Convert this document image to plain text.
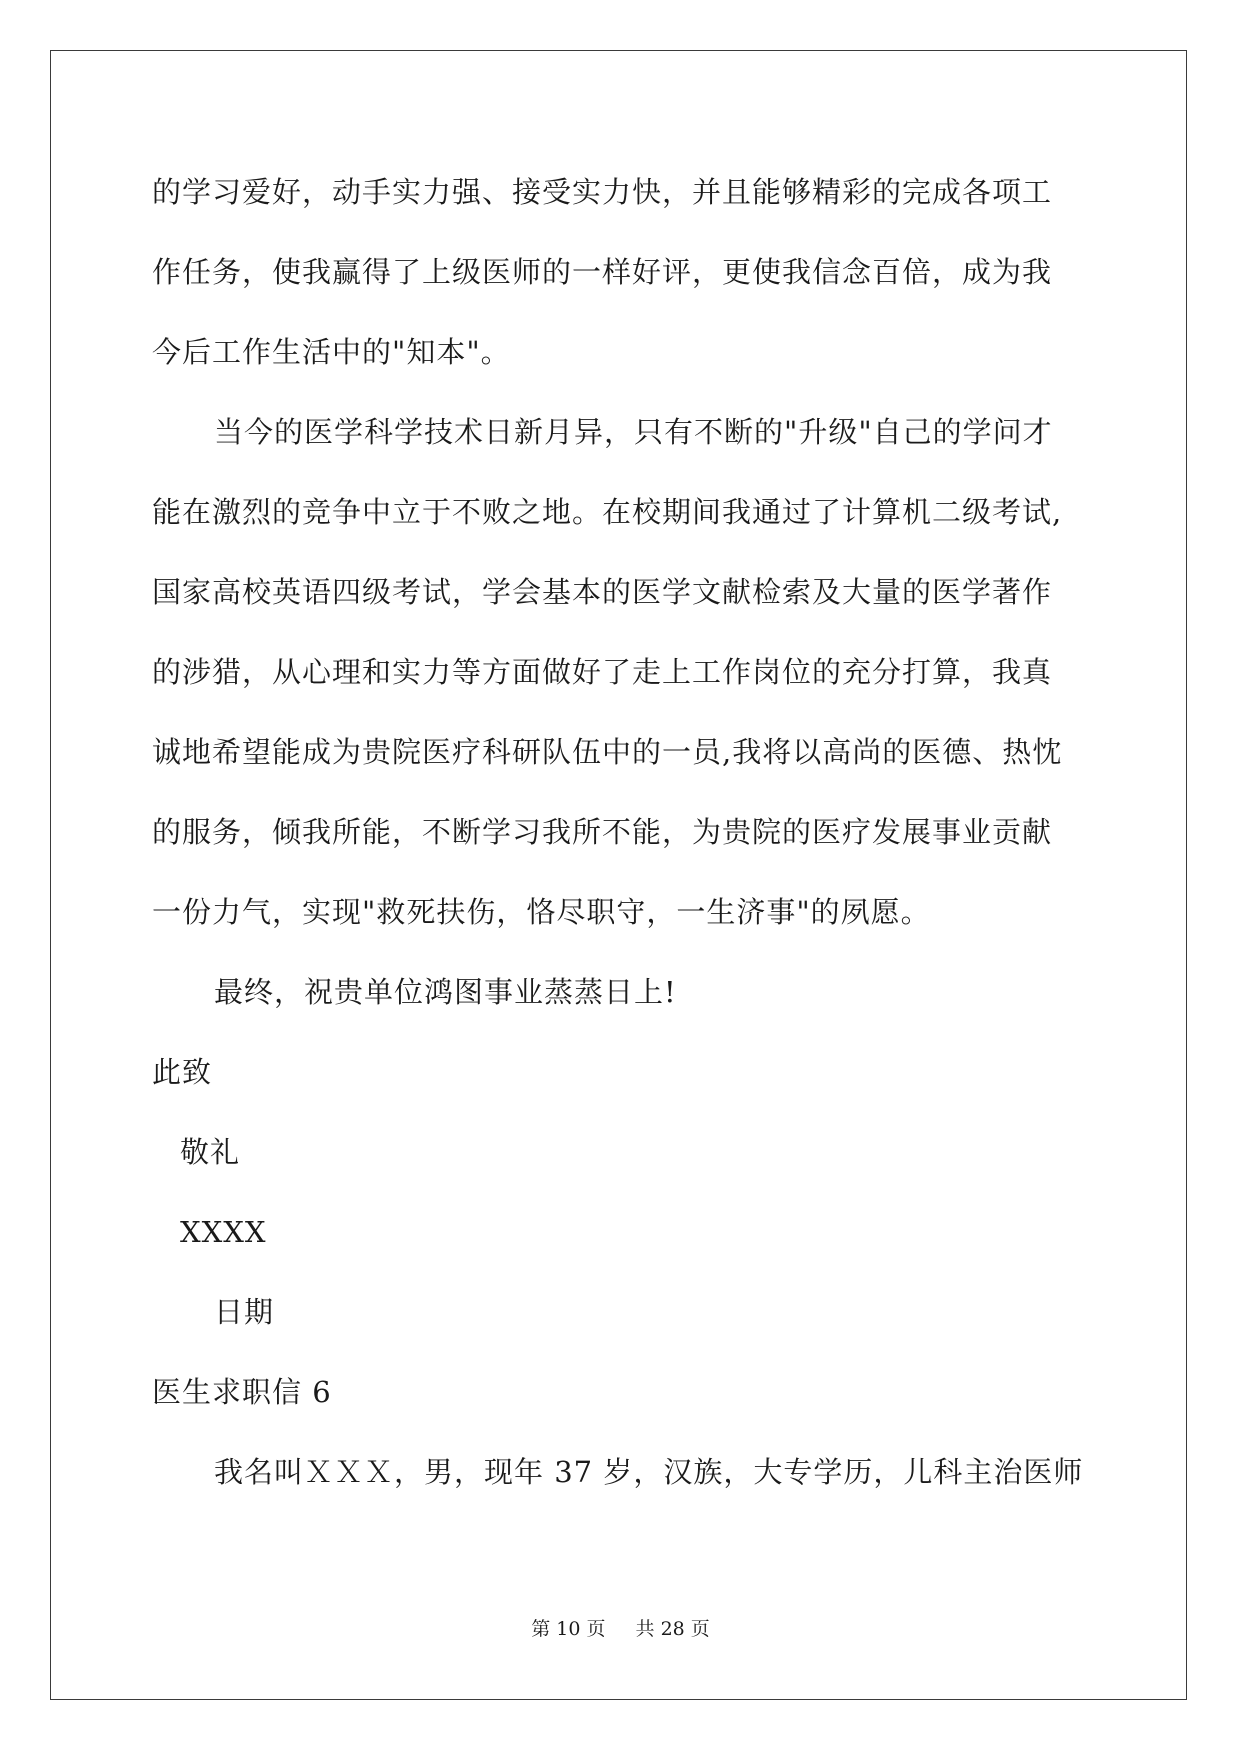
的学习爱好，动手实力强、接受实力快，并且能够精彩的完成各项工
作任务，使我赢得了上级医师的一样好评，更使我信念百倍，成为我
今后工作生活中的"知本"。
当今的医学科学技术日新月异，只有不断的"升级"自己的学问才
能在激烈的竞争中立于不败之地。在校期间我通过了计算机二级考试,
国家高校英语四级考试，学会基本的医学文献检索及大量的医学著作
的涉猎，从心理和实力等方面做好了走上工作岗位的充分打算，我真
诚地希望能成为贵院医疗科研队伍中的一员,我将以高尚的医德、热忱
的服务，倾我所能，不断学习我所不能，为贵院的医疗发展事业贡献
一份力气，实现"救死扶伤，恪尽职守，一生济事"的夙愿。
最终，祝贵单位鸿图事业蒸蒸日上!
此致
敬礼
XXXX
日期
医生求职信 6
我名叫ＸＸＸ，男，现年 37 岁，汉族，大专学历，儿科主治医师
第 10 页 共 28 页
